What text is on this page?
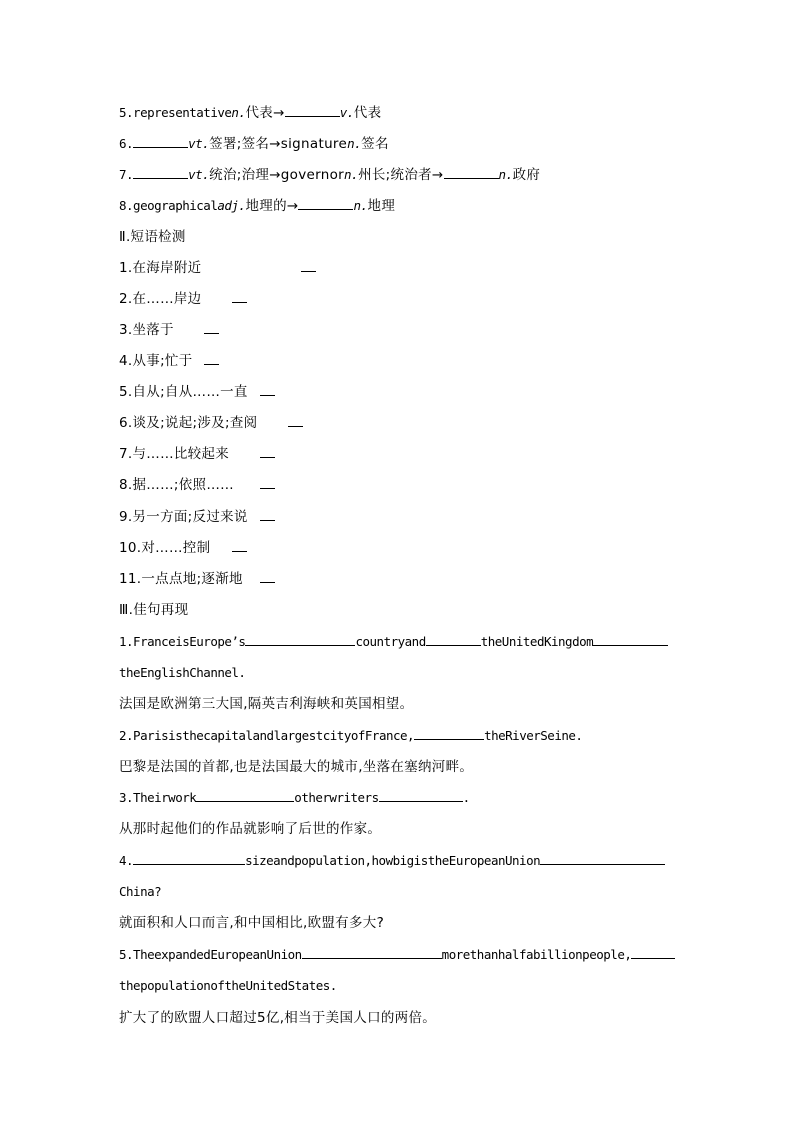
5.representativen.代表→	v.代表
6.	vt.签署;签名→signaturen.签名
7.	vt.统治;治理→governorn.州长;统治者→	n.政府
8.geographicaladj.地理的→	n.地理
Ⅱ.短语检测
1.在海岸附近
2.在……岸边
3.坐落于
4.从事;忙于
5.自从;自从……一直
6.谈及;说起;涉及;查阅
7.与……比较起来
8.据……;依照……
9.另一方面;反过来说
10.对……控制
11.一点点地;逐渐地
Ⅲ.佳句再现
1.FranceisEurope’s	countryand	theUnitedKingdom
theEnglishChannel.
法国是欧洲第三大国,隔英吉利海峡和英国相望。
2.ParisisthecapitalandlargestcityofFrance,	theRiverSeine.
巴黎是法国的首都,也是法国最大的城市,坐落在塞纳河畔。
3.Theirwork	otherwriters	.
从那时起他们的作品就影响了后世的作家。
4.	sizeandpopulation,howbigistheEuropeanUnion
China?
就面积和人口而言,和中国相比,欧盟有多大?
5.TheexpandedEuropeanUnion	morethanhalfabillionpeople,
thepopulationoftheUnitedStates.
扩大了的欧盟人口超过5亿,相当于美国人口的两倍。
